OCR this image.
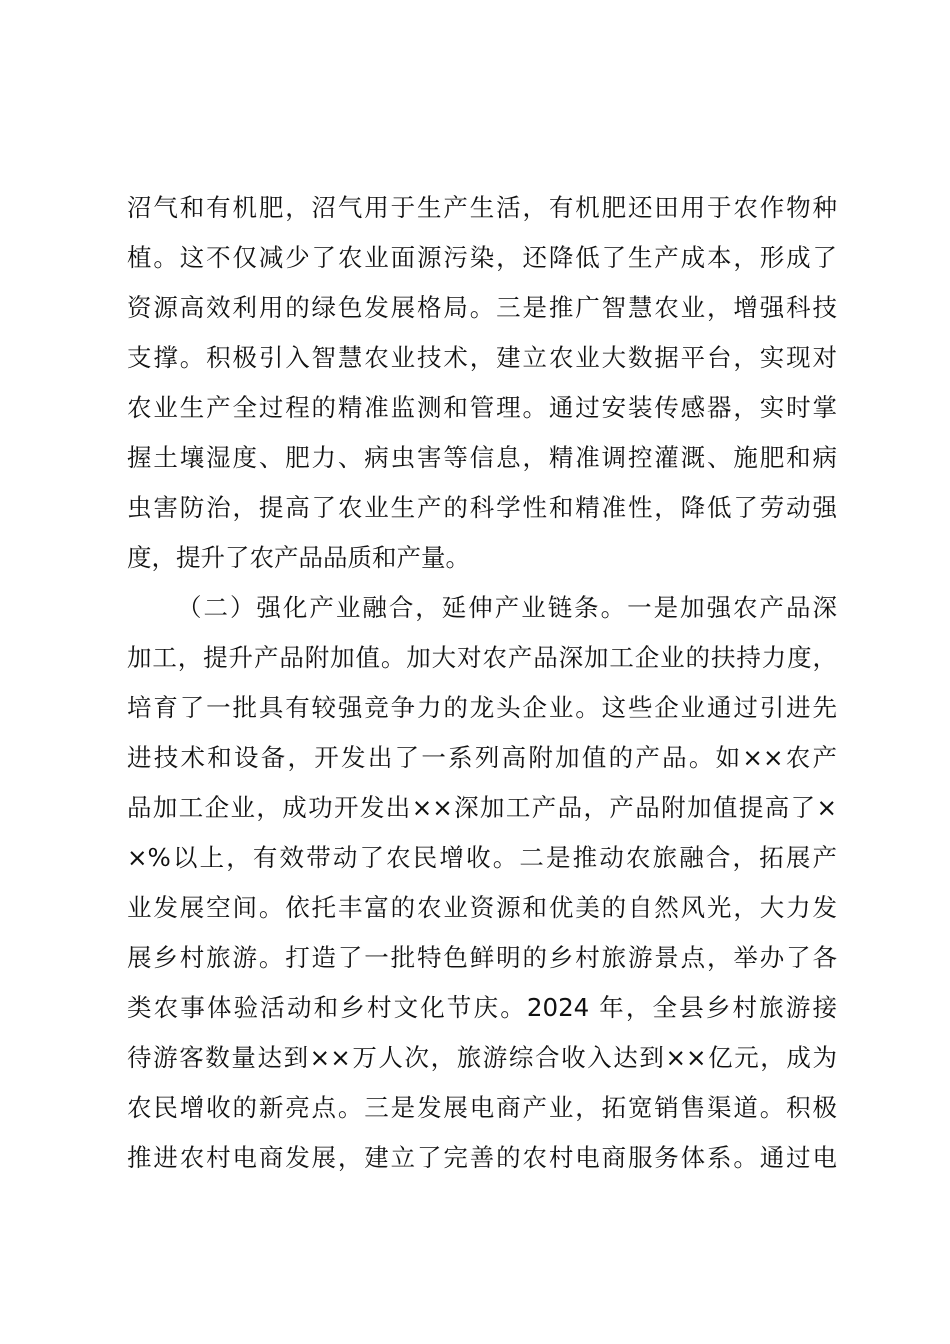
沼气和有机肥，沼气用于生产生活，有机肥还田用于农作物种
植。这不仅减少了农业面源污染，还降低了生产成本，形成了
资源高效利用的绿色发展格局。三是推广智慧农业，增强科技
支撑。积极引入智慧农业技术，建立农业大数据平台，实现对
农业生产全过程的精准监测和管理。通过安装传感器，实时掌
握土壤湿度、肥力、病虫害等信息，精准调控灌溉、施肥和病
虫害防治，提高了农业生产的科学性和精准性，降低了劳动强
度，提升了农产品品质和产量。
（二）强化产业融合，延伸产业链条。一是加强农产品深
加工，提升产品附加值。加大对农产品深加工企业的扶持力度，
培育了一批具有较强竞争力的龙头企业。这些企业通过引进先
进技术和设备，开发出了一系列高附加值的产品。如××农产
品加工企业，成功开发出××深加工产品，产品附加值提高了×
×%以上，有效带动了农民增收。二是推动农旅融合，拓展产
业发展空间。依托丰富的农业资源和优美的自然风光，大力发
展乡村旅游。打造了一批特色鲜明的乡村旅游景点，举办了各
类农事体验活动和乡村文化节庆。2024 年，全县乡村旅游接
待游客数量达到××万人次，旅游综合收入达到××亿元，成为
农民增收的新亮点。三是发展电商产业，拓宽销售渠道。积极
推进农村电商发展，建立了完善的农村电商服务体系。通过电
